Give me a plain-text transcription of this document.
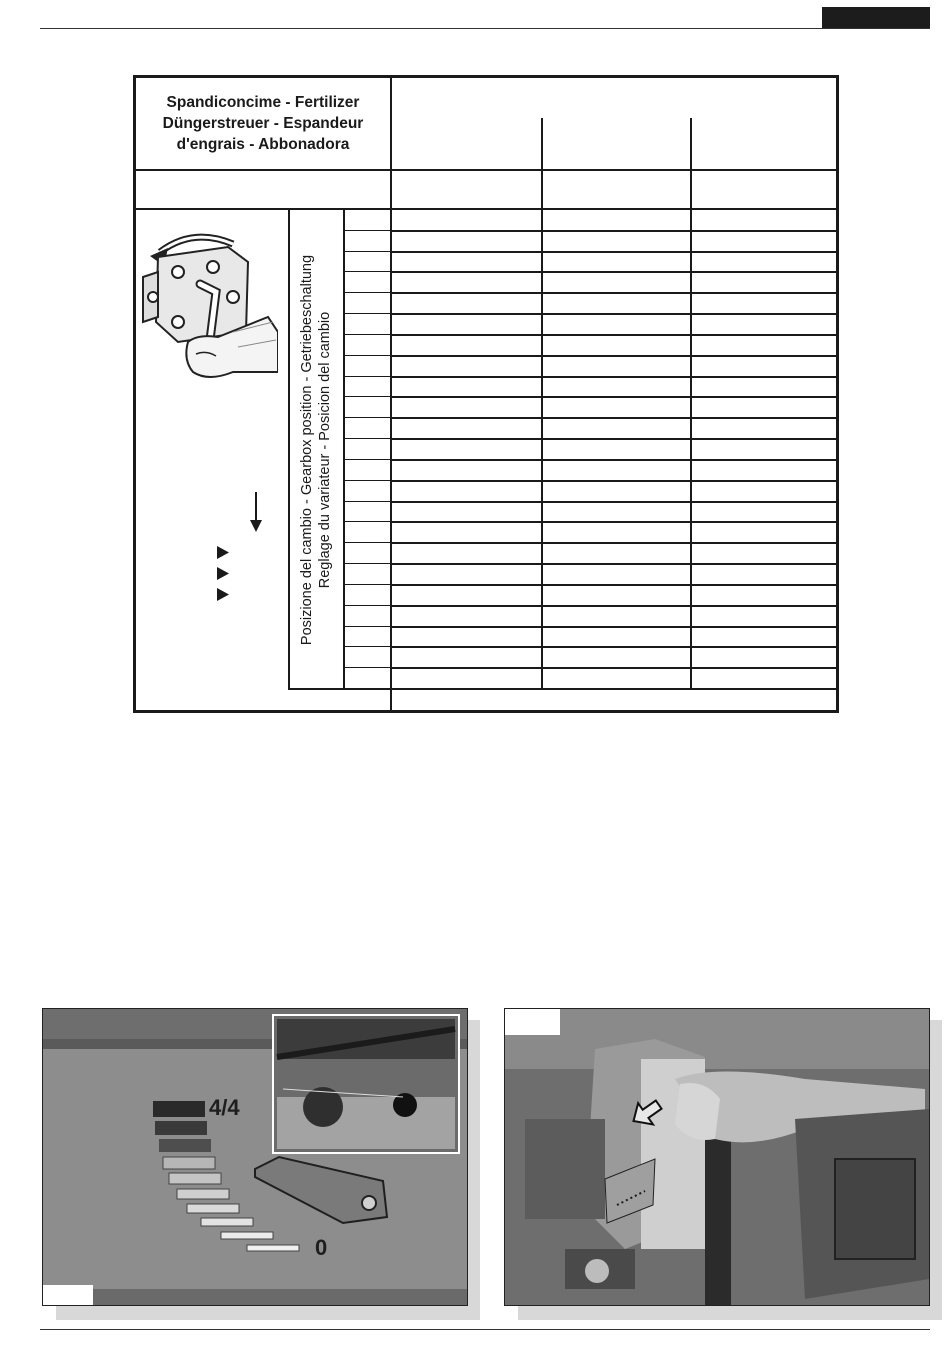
Spandiconcime - Fertilizer
Düngerstreuer - Espandeur
d'engrais - Abbonadora
Posizione del cambio - Gearbox position - Getriebeschaltung Reglage du variateur - Posicion del cambio
4/4
0
